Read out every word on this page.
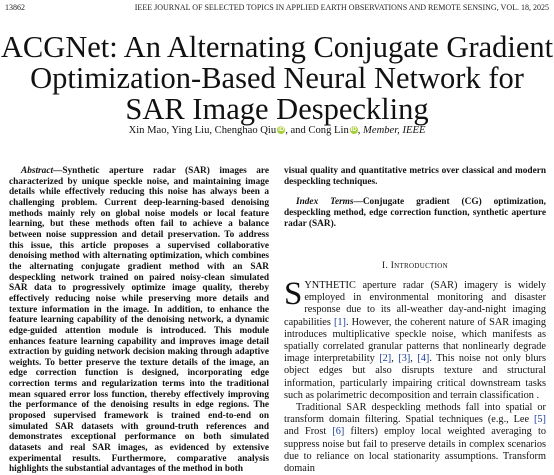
13862	IEEE JOURNAL OF SELECTED TOPICS IN APPLIED EARTH OBSERVATIONS AND REMOTE SENSING, VOL. 18, 2025
ACGNet: An Alternating Conjugate Gradient
Optimization-Based Neural Network for
SAR Image Despeckling
Xin Mao, Ying Liu, Chenghao Qiu iD, and Cong Lin iD, Member, IEEE

Abstract—Synthetic aperture radar (SAR) images are characterized by unique speckle noise, and maintaining image details while effectively reducing this noise has always been a challenging problem. Current deep-learning-based denoising methods mainly rely on global noise models or local feature learning, but these methods often fail to achieve a balance between noise suppression and detail preservation. To address this issue, this article proposes a supervised collaborative denoising method with alternating optimization, which combines the alternating conjugate gradient method with an SAR despeckling network trained on paired noisy-clean simulated SAR data to progressively optimize image quality, thereby effectively reducing noise while preserving more details and texture information in the image. In addition, to enhance the feature learning capability of the denoising network, a dynamic edge-guided attention module is introduced. This module enhances feature learning capability and improves image detail extraction by guiding network decision making through adaptive weights. To better preserve the texture details of the image, an edge correction function is designed, incorporating edge correction terms and regularization terms into the traditional mean squared error loss function, thereby effectively improving the performance of the denoising results in edge regions. The proposed supervised framework is trained end-to-end on simulated SAR datasets with ground-truth references and demonstrates exceptional performance on both simulated datasets and real SAR images, as evidenced by extensive experimental results. Furthermore, comparative analysis highlights the substantial advantages of the method in both

visual quality and quantitative metrics over classical and modern despeckling techniques.

Index Terms—Conjugate gradient (CG) optimization, despeckling method, edge correction function, synthetic aperture radar (SAR).

I. Introduction

SYNTHETIC aperture radar (SAR) imagery is widely employed in environmental monitoring and disaster response due to its all-weather day-and-night imaging capabilities [1]. However, the coherent nature of SAR imaging introduces multiplicative speckle noise, which manifests as spatially correlated granular patterns that nonlinearly degrade image interpretability [2], [3], [4]. This noise not only blurs object edges but also disrupts texture and structural information, particularly impairing critical downstream tasks such as polarimetric decomposition and terrain classification .

Traditional SAR despeckling methods fall into spatial or transform domain filtering. Spatial techniques (e.g., Lee [5] and Frost [6] filters) employ local weighted averaging to suppress noise but fail to preserve details in complex scenarios due to reliance on local stationarity assumptions. Transform domain
